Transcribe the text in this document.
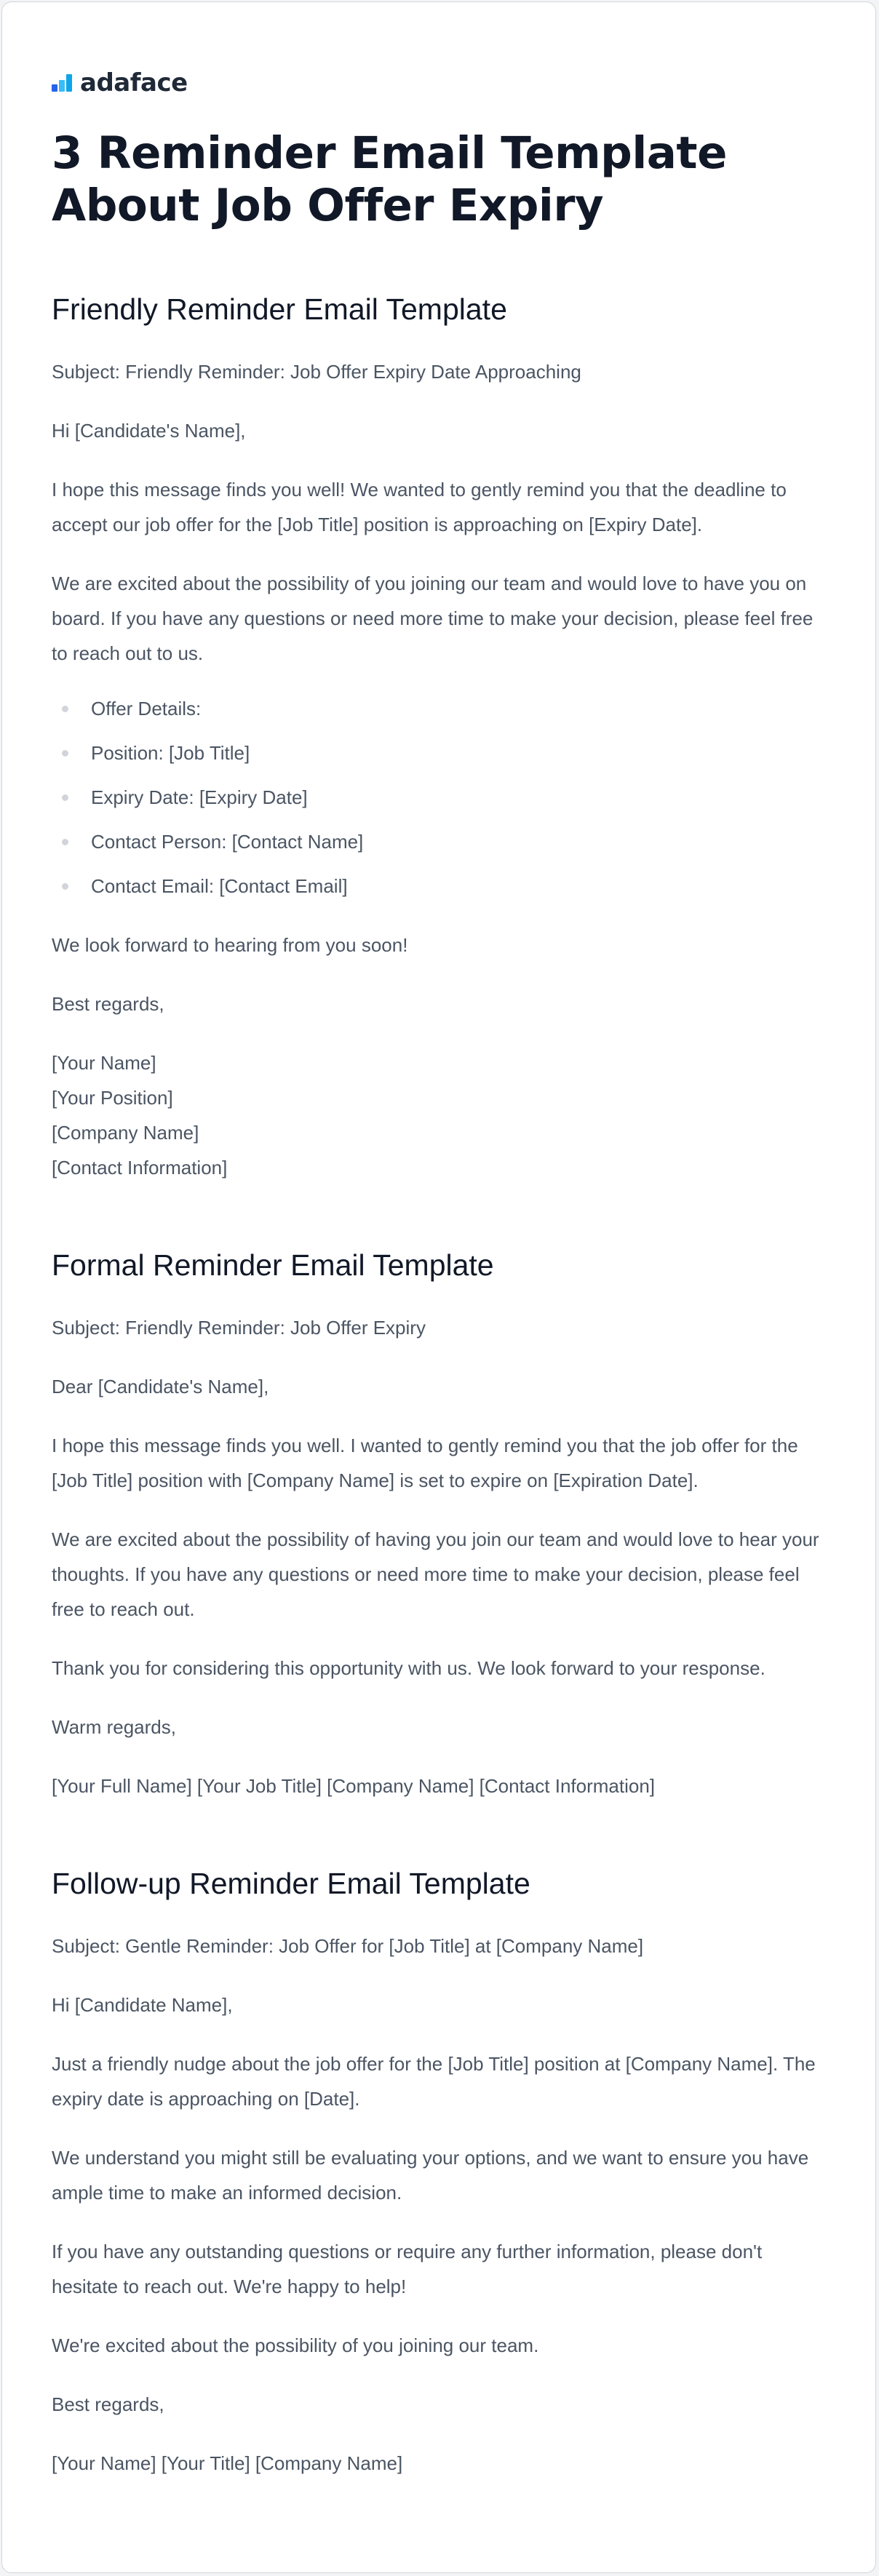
adaface
3 Reminder Email Template About Job Offer Expiry
Friendly Reminder Email Template

Subject: Friendly Reminder: Job Offer Expiry Date Approaching

Hi [Candidate's Name],

I hope this message finds you well! We wanted to gently remind you that the deadline to accept our job offer for the [Job Title] position is approaching on [Expiry Date].

We are excited about the possibility of you joining our team and would love to have you on board. If you have any questions or need more time to make your decision, please feel free to reach out to us.

Offer Details:
Position: [Job Title]
Expiry Date: [Expiry Date]
Contact Person: [Contact Name]
Contact Email: [Contact Email]

We look forward to hearing from you soon!

Best regards,

[Your Name]

[Your Position]

[Company Name]

[Contact Information]

Formal Reminder Email Template

Subject: Friendly Reminder: Job Offer Expiry

Dear [Candidate's Name],

I hope this message finds you well. I wanted to gently remind you that the job offer for the [Job Title] position with [Company Name] is set to expire on [Expiration Date].

We are excited about the possibility of having you join our team and would love to hear your thoughts. If you have any questions or need more time to make your decision, please feel free to reach out.

Thank you for considering this opportunity with us. We look forward to your response.

Warm regards,

[Your Full Name] [Your Job Title] [Company Name] [Contact Information]

Follow-up Reminder Email Template

Subject: Gentle Reminder: Job Offer for [Job Title] at [Company Name]

Hi [Candidate Name],

Just a friendly nudge about the job offer for the [Job Title] position at [Company Name]. The expiry date is approaching on [Date].

We understand you might still be evaluating your options, and we want to ensure you have ample time to make an informed decision.

If you have any outstanding questions or require any further information, please don't hesitate to reach out. We're happy to help!

We're excited about the possibility of you joining our team.

Best regards,

[Your Name] [Your Title] [Company Name]
